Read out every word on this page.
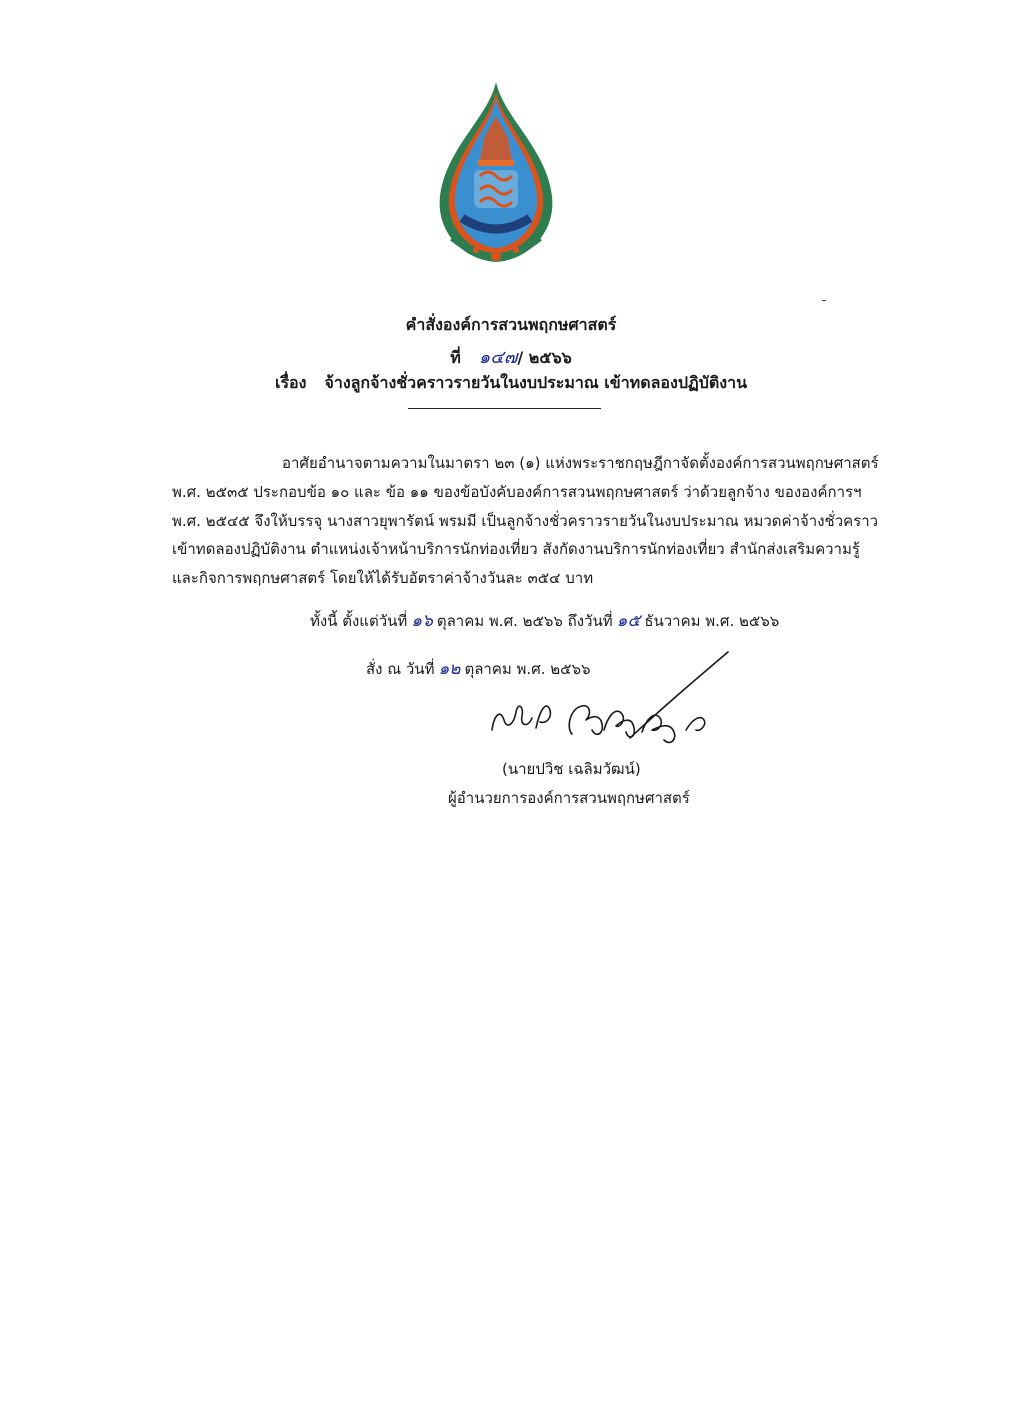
คำสั่งองค์การสวนพฤกษศาสตร์
ที่ ๑๔๗/ ๒๕๖๖
เรื่อง จ้างลูกจ้างชั่วคราวรายวันในงบประมาณ เข้าทดลองปฏิบัติงาน
อาศัยอำนาจตามความในมาตรา ๒๓ (๑) แห่งพระราชกฤษฎีกาจัดตั้งองค์การสวนพฤกษศาสตร์
พ.ศ. ๒๕๓๕ ประกอบข้อ ๑๐ และ ข้อ ๑๑ ของข้อบังคับองค์การสวนพฤกษศาสตร์ ว่าด้วยลูกจ้าง ขององค์การฯ
พ.ศ. ๒๕๔๕ จึงให้บรรจุ นางสาวยุพารัตน์ พรมมี เป็นลูกจ้างชั่วคราวรายวันในงบประมาณ หมวดค่าจ้างชั่วคราว
เข้าทดลองปฏิบัติงาน ตำแหน่งเจ้าหน้าบริการนักท่องเที่ยว สังกัดงานบริการนักท่องเที่ยว สำนักส่งเสริมความรู้
และกิจการพฤกษศาสตร์ โดยให้ได้รับอัตราค่าจ้างวันละ ๓๕๔ บาท
ทั้งนี้ ตั้งแต่วันที่ ๑๖ ตุลาคม พ.ศ. ๒๕๖๖ ถึงวันที่ ๑๕ ธันวาคม พ.ศ. ๒๕๖๖
สั่ง ณ วันที่ ๑๒ ตุลาคม พ.ศ. ๒๕๖๖
(นายปวิช เฉลิมวัฒน์)
ผู้อำนวยการองค์การสวนพฤกษศาสตร์
